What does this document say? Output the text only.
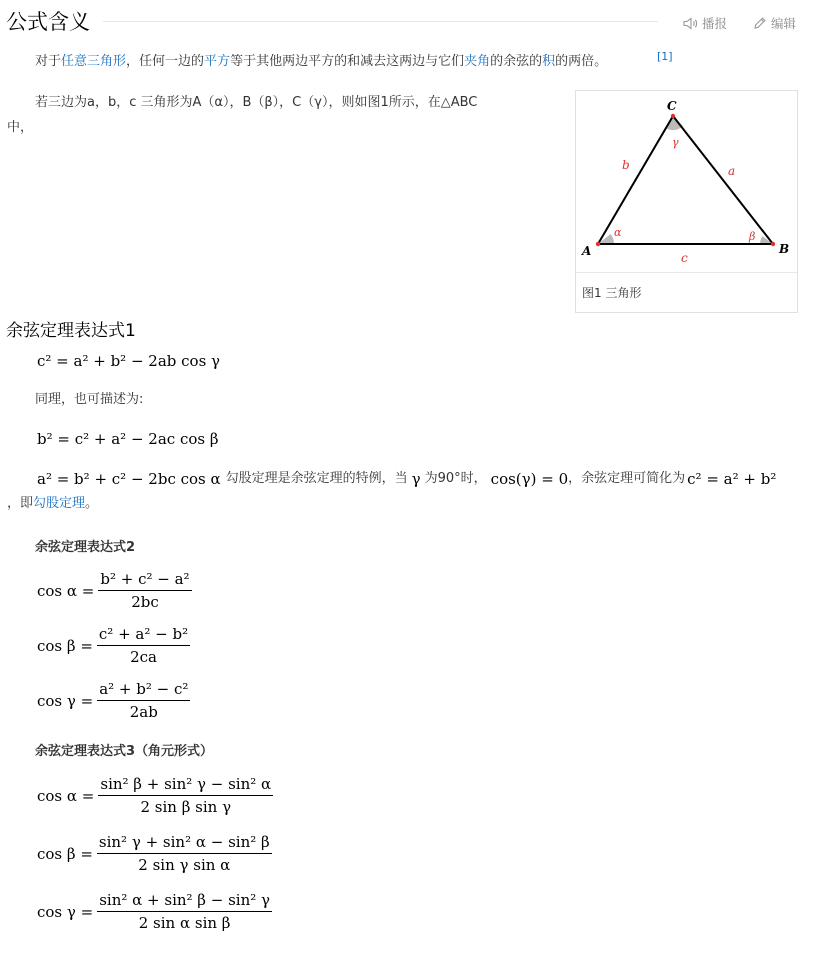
公式含义	播报	编辑
对于任意三角形，任何一边的平方等于其他两边平方的和减去这两边与它们夹角的余弦的积的两倍。	[1]
若三边为a，b，c 三角形为A（α），B（β），C（γ），则如图1所示，在△ABC
中，
A	B
C
a
b
c
α	β
γ
图1 三角形
余弦定理表达式1
c² = a² + b² − 2ab cos γ
同理，也可描述为:
b² = c² + a² − 2ac cos β
a² = b² + c² − 2bc cos α 勾股定理是余弦定理的特例，当 γ 为90°时， cos(γ) = 0 ，余弦定理可简化为 c² = a² + b²
，即勾股定理。
余弦定理表达式2
$\cos \alpha = \frac{\text{b² + c² − a²}}{2bc}$
$\cos \beta = \frac{\text{c² + a² − b²}}{2ca}$
$\cos \gamma = \frac{\text{a² + b² − c²}}{2ab}$
余弦定理表达式3（角元形式）
$\cos \alpha = \frac{\text{sin² β + sin² γ − sin² α}}{\text{2 sin β sin γ}}$
$\cos \beta = \frac{\text{sin² γ + sin² α − sin² β}}{\text{2 sin γ sin α}}$
$\cos \gamma = \frac{\text{sin² α + sin² β − sin² γ}}{\text{2 sin α sin β}}$
